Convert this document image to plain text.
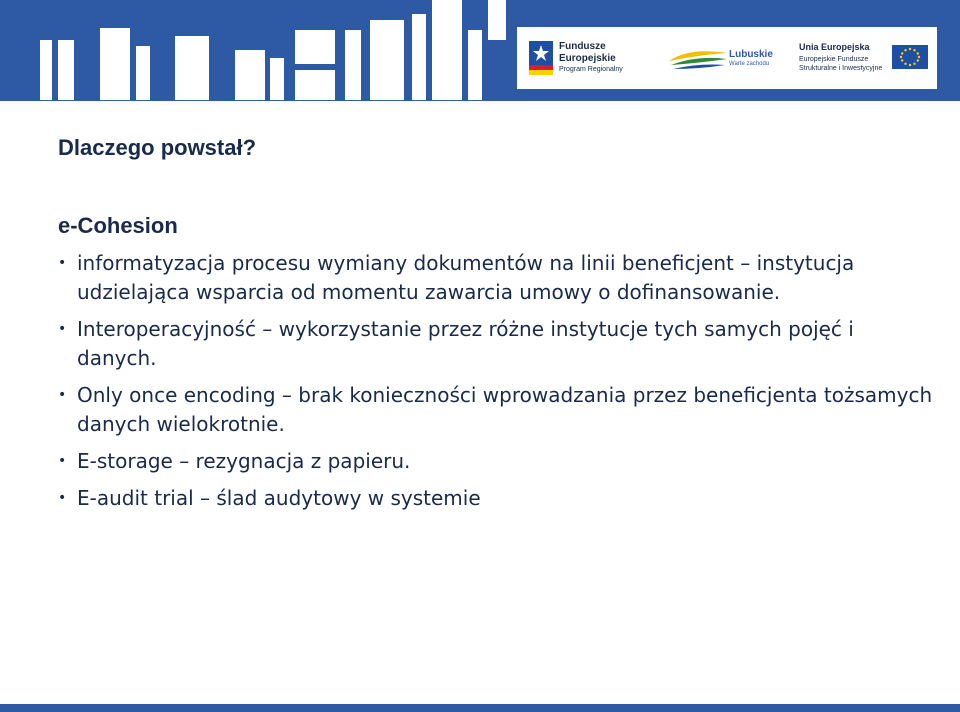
Fundusze
Europejskie
Program Regionalny
Lubuskie
Warte zachodu
Unia Europejska
Europejskie Fundusze
Strukturalne i Inwestycyjne
Dlaczego powstał?
e-Cohesion
• informatyzacja procesu wymiany dokumentów na linii beneficjent – instytucja udzielająca wsparcia od momentu zawarcia umowy o dofinansowanie.
• Interoperacyjność – wykorzystanie przez różne instytucje tych samych pojęć i danych.
• Only once encoding – brak konieczności wprowadzania przez beneficjenta tożsamych danych wielokrotnie.
• E-storage – rezygnacja z papieru.
• E-audit trial – ślad audytowy w systemie
